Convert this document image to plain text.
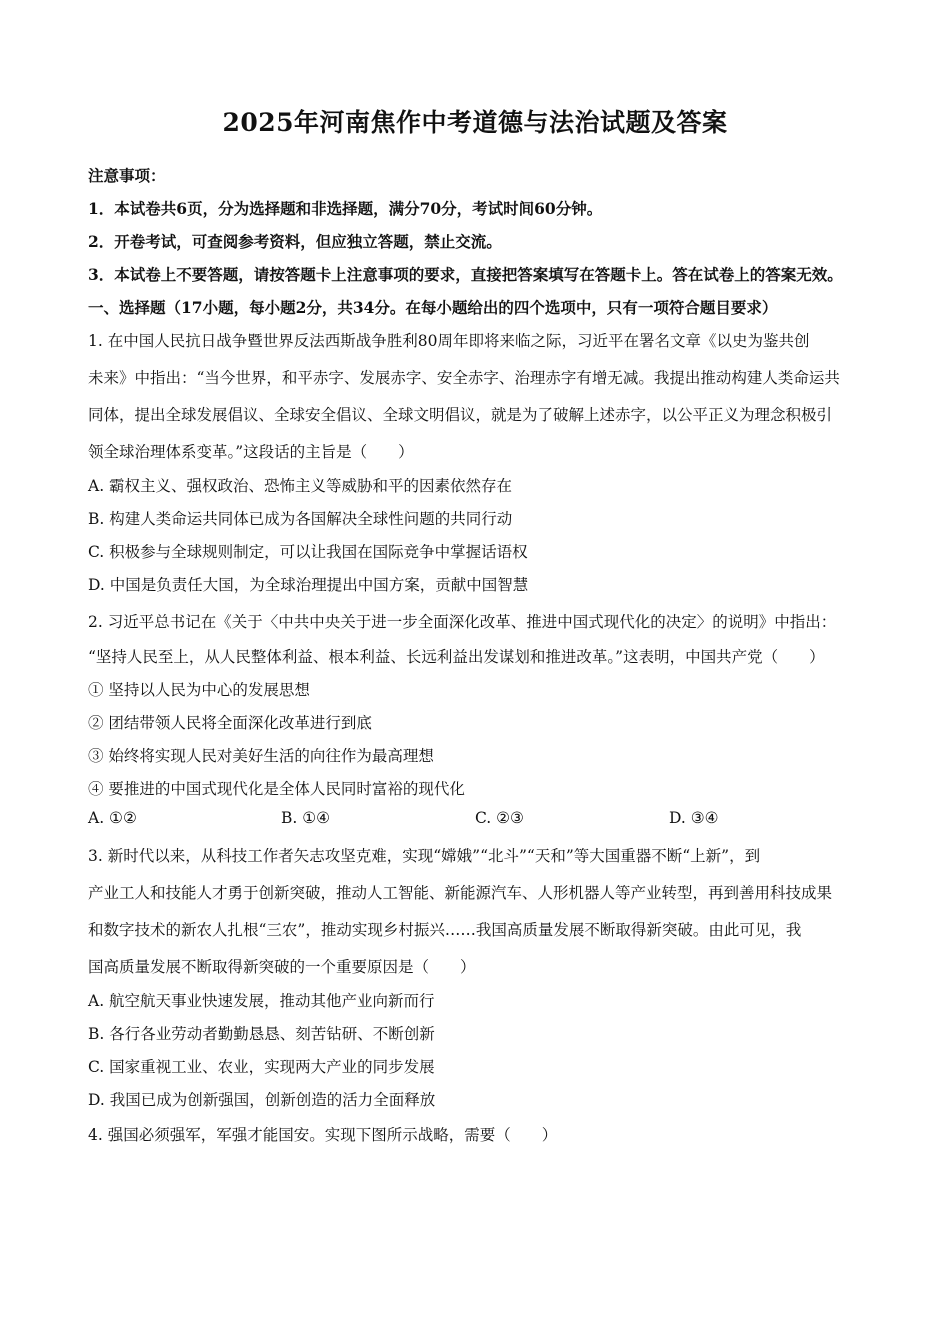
2025年河南焦作中考道德与法治试题及答案
注意事项：
1．本试卷共6页，分为选择题和非选择题，满分70分，考试时间60分钟。
2．开卷考试，可查阅参考资料，但应独立答题，禁止交流。
3．本试卷上不要答题，请按答题卡上注意事项的要求，直接把答案填写在答题卡上。答在试卷上的答案无效。
一、选择题（17小题，每小题2分，共34分。在每小题给出的四个选项中，只有一项符合题目要求）
1. 在中国人民抗日战争暨世界反法西斯战争胜利80周年即将来临之际，习近平在署名文章《以史为鉴共创
未来》中指出：“当今世界，和平赤字、发展赤字、安全赤字、治理赤字有增无减。我提出推动构建人类命运共
同体，提出全球发展倡议、全球安全倡议、全球文明倡议，就是为了破解上述赤字，以公平正义为理念积极引
领全球治理体系变革。”这段话的主旨是（　　）
A. 霸权主义、强权政治、恐怖主义等威胁和平的因素依然存在
B. 构建人类命运共同体已成为各国解决全球性问题的共同行动
C. 积极参与全球规则制定，可以让我国在国际竞争中掌握话语权
D. 中国是负责任大国，为全球治理提出中国方案，贡献中国智慧
2. 习近平总书记在《关于〈中共中央关于进一步全面深化改革、推进中国式现代化的决定〉的说明》中指出：
“坚持人民至上，从人民整体利益、根本利益、长远利益出发谋划和推进改革。”这表明，中国共产党（　　）
① 坚持以人民为中心的发展思想
② 团结带领人民将全面深化改革进行到底
③ 始终将实现人民对美好生活的向往作为最高理想
④ 要推进的中国式现代化是全体人民同时富裕的现代化
A. ①②	B. ①④	C. ②③	D. ③④
3. 新时代以来，从科技工作者矢志攻坚克难，实现“嫦娥”“北斗”“天和”等大国重器不断“上新”，到
产业工人和技能人才勇于创新突破，推动人工智能、新能源汽车、人形机器人等产业转型，再到善用科技成果
和数字技术的新农人扎根“三农”，推动实现乡村振兴……我国高质量发展不断取得新突破。由此可见，我
国高质量发展不断取得新突破的一个重要原因是（　　）
A. 航空航天事业快速发展，推动其他产业向新而行
B. 各行各业劳动者勤勤恳恳、刻苦钻研、不断创新
C. 国家重视工业、农业，实现两大产业的同步发展
D. 我国已成为创新强国，创新创造的活力全面释放
4. 强国必须强军，军强才能国安。实现下图所示战略，需要（　　）
